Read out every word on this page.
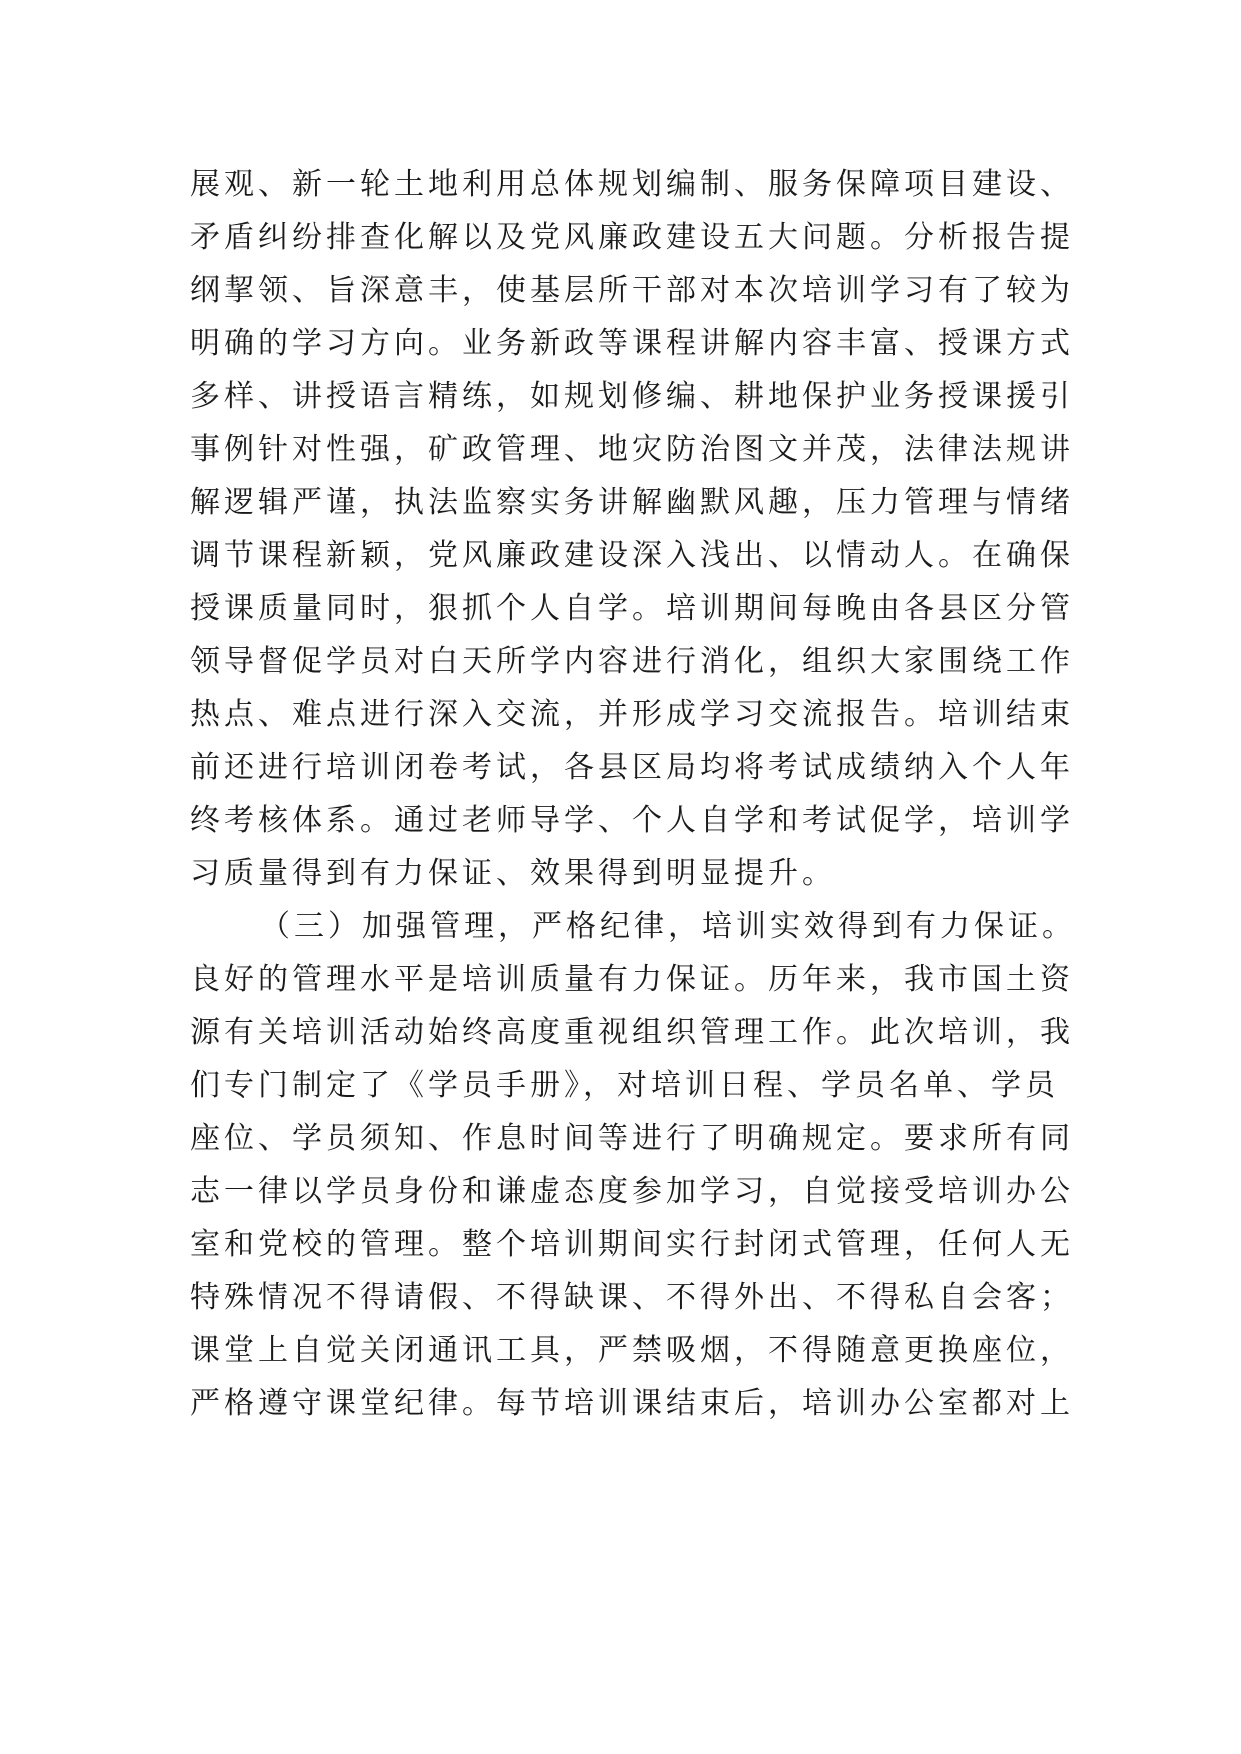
展观、新一轮土地利用总体规划编制、服务保障项目建设、
矛盾纠纷排查化解以及党风廉政建设五大问题。分析报告提
纲挈领、旨深意丰，使基层所干部对本次培训学习有了较为
明确的学习方向。业务新政等课程讲解内容丰富、授课方式
多样、讲授语言精练，如规划修编、耕地保护业务授课援引
事例针对性强，矿政管理、地灾防治图文并茂，法律法规讲
解逻辑严谨，执法监察实务讲解幽默风趣，压力管理与情绪
调节课程新颖，党风廉政建设深入浅出、以情动人。在确保
授课质量同时，狠抓个人自学。培训期间每晚由各县区分管
领导督促学员对白天所学内容进行消化，组织大家围绕工作
热点、难点进行深入交流，并形成学习交流报告。培训结束
前还进行培训闭卷考试，各县区局均将考试成绩纳入个人年
终考核体系。通过老师导学、个人自学和考试促学，培训学
习质量得到有力保证、效果得到明显提升。
（三）加强管理，严格纪律，培训实效得到有力保证。
良好的管理水平是培训质量有力保证。历年来，我市国土资
源有关培训活动始终高度重视组织管理工作。此次培训，我
们专门制定了《学员手册》，对培训日程、学员名单、学员
座位、学员须知、作息时间等进行了明确规定。要求所有同
志一律以学员身份和谦虚态度参加学习，自觉接受培训办公
室和党校的管理。整个培训期间实行封闭式管理，任何人无
特殊情况不得请假、不得缺课、不得外出、不得私自会客；
课堂上自觉关闭通讯工具，严禁吸烟，不得随意更换座位，
严格遵守课堂纪律。每节培训课结束后，培训办公室都对上
